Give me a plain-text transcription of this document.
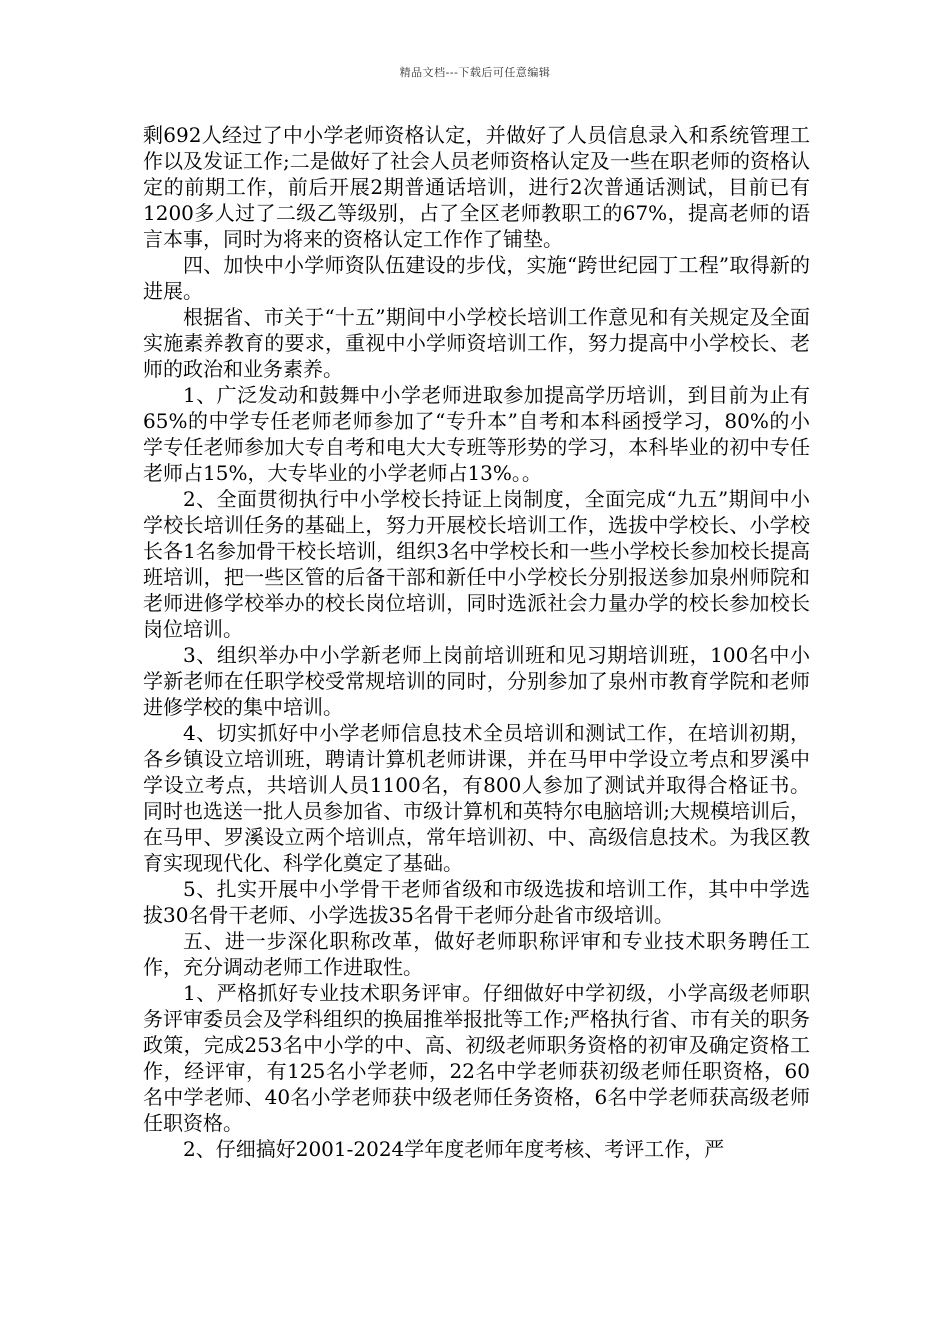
精品文档---下载后可任意编辑

剩692人经过了中小学老师资格认定，并做好了人员信息录入和系统管理工作以及发证工作;二是做好了社会人员老师资格认定及一些在职老师的资格认定的前期工作，前后开展2期普通话培训，进行2次普通话测试，目前已有1200多人过了二级乙等级别，占了全区老师教职工的67%，提高老师的语言本事，同时为将来的资格认定工作作了铺垫。

四、加快中小学师资队伍建设的步伐，实施“跨世纪园丁工程”取得新的进展。

根据省、市关于“十五”期间中小学校长培训工作意见和有关规定及全面实施素养教育的要求，重视中小学师资培训工作，努力提高中小学校长、老师的政治和业务素养。

1、广泛发动和鼓舞中小学老师进取参加提高学历培训，到目前为止有65%的中学专任老师老师参加了“专升本”自考和本科函授学习，80%的小学专任老师参加大专自考和电大大专班等形势的学习，本科毕业的初中专任老师占15%，大专毕业的小学老师占13%。。

2、全面贯彻执行中小学校长持证上岗制度，全面完成“九五”期间中小学校长培训任务的基础上，努力开展校长培训工作，选拔中学校长、小学校长各1名参加骨干校长培训，组织3名中学校长和一些小学校长参加校长提高班培训，把一些区管的后备干部和新任中小学校长分别报送参加泉州师院和老师进修学校举办的校长岗位培训，同时选派社会力量办学的校长参加校长岗位培训。

3、组织举办中小学新老师上岗前培训班和见习期培训班，100名中小学新老师在任职学校受常规培训的同时，分别参加了泉州市教育学院和老师进修学校的集中培训。

4、切实抓好中小学老师信息技术全员培训和测试工作，在培训初期，各乡镇设立培训班，聘请计算机老师讲课，并在马甲中学设立考点和罗溪中学设立考点，共培训人员1100名，有800人参加了测试并取得合格证书。同时也选送一批人员参加省、市级计算机和英特尔电脑培训;大规模培训后，在马甲、罗溪设立两个培训点，常年培训初、中、高级信息技术。为我区教育实现现代化、科学化奠定了基础。

5、扎实开展中小学骨干老师省级和市级选拔和培训工作，其中中学选拔30名骨干老师、小学选拔35名骨干老师分赴省市级培训。

五、进一步深化职称改革，做好老师职称评审和专业技术职务聘任工作，充分调动老师工作进取性。

1、严格抓好专业技术职务评审。仔细做好中学初级，小学高级老师职务评审委员会及学科组织的换届推举报批等工作;严格执行省、市有关的职务政策，完成253名中小学的中、高、初级老师职务资格的初审及确定资格工作，经评审，有125名小学老师，22名中学老师获初级老师任职资格，60名中学老师、40名小学老师获中级老师任务资格，6名中学老师获高级老师任职资格。

2、仔细搞好2001-2024学年度老师年度考核、考评工作，严
